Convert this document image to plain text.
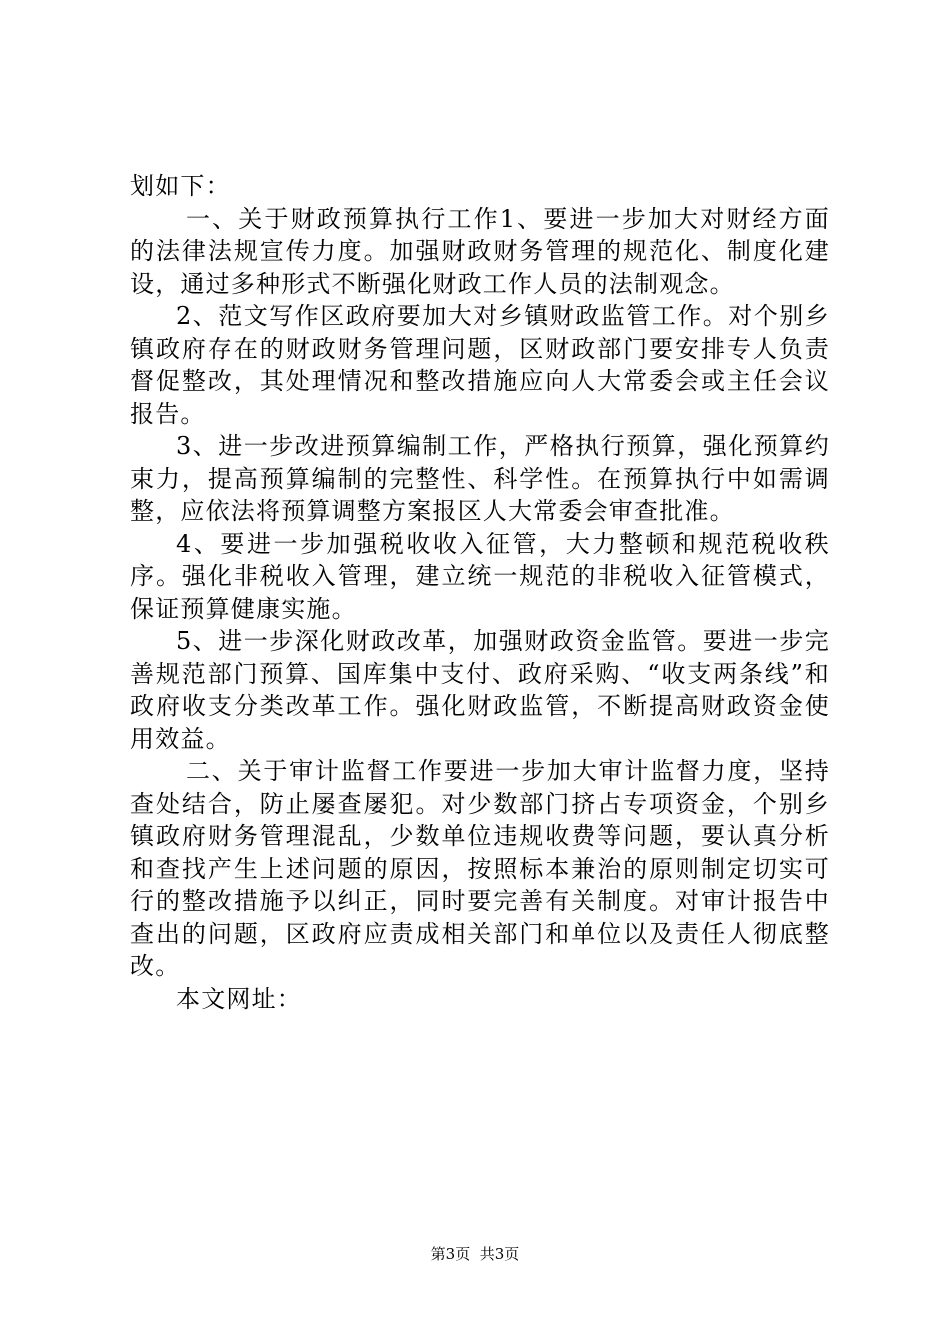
划如下：

一、关于财政预算执行工作1、要进一步加大对财经方面的法律法规宣传力度。加强财政财务管理的规范化、制度化建设，通过多种形式不断强化财政工作人员的法制观念。

2、范文写作区政府要加大对乡镇财政监管工作。对个别乡镇政府存在的财政财务管理问题，区财政部门要安排专人负责督促整改，其处理情况和整改措施应向人大常委会或主任会议报告。

3、进一步改进预算编制工作，严格执行预算，强化预算约束力，提高预算编制的完整性、科学性。在预算执行中如需调整，应依法将预算调整方案报区人大常委会审查批准。

4、要进一步加强税收收入征管，大力整顿和规范税收秩序。强化非税收入管理，建立统一规范的非税收入征管模式，保证预算健康实施。

5、进一步深化财政改革，加强财政资金监管。要进一步完善规范部门预算、国库集中支付、政府采购、“收支两条线”和政府收支分类改革工作。强化财政监管，不断提高财政资金使用效益。

二、关于审计监督工作要进一步加大审计监督力度，坚持查处结合，防止屡查屡犯。对少数部门挤占专项资金，个别乡镇政府财务管理混乱，少数单位违规收费等问题，要认真分析和查找产生上述问题的原因，按照标本兼治的原则制定切实可行的整改措施予以纠正，同时要完善有关制度。对审计报告中查出的问题，区政府应责成相关部门和单位以及责任人彻底整改。

本文网址：

第3页 共3页
